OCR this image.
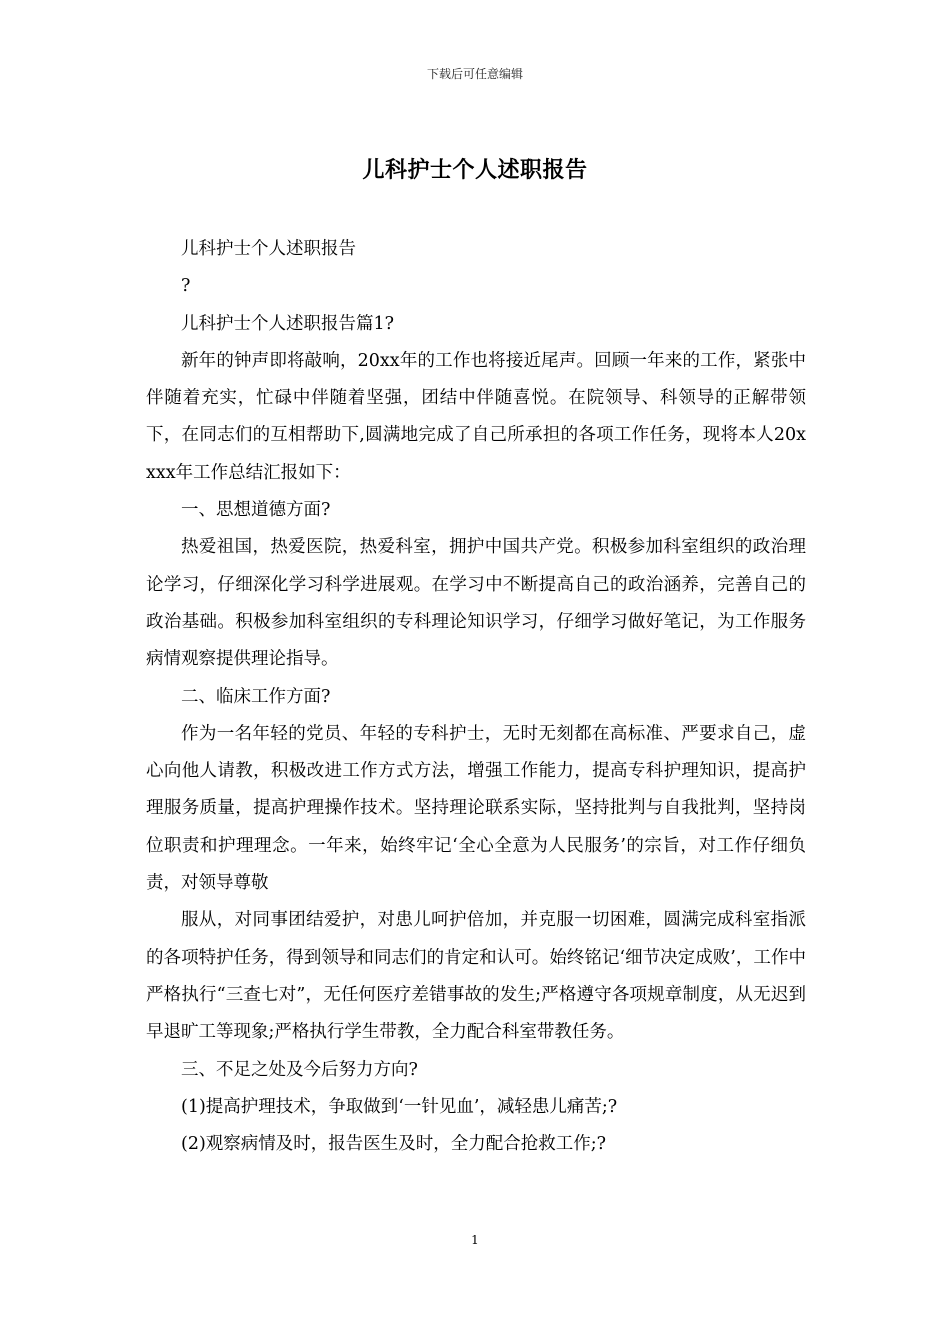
下载后可任意编辑
儿科护士个人述职报告

儿科护士个人述职报告

?

儿科护士个人述职报告篇1?

新年的钟声即将敲响，20xx年的工作也将接近尾声。回顾一年来的工作，紧张中伴随着充实，忙碌中伴随着坚强，团结中伴随喜悦。在院领导、科领导的正解带领下，在同志们的互相帮助下,圆满地完成了自己所承担的各项工作任务，现将本人20xxxx年工作总结汇报如下：

一、思想道德方面?

热爱祖国，热爱医院，热爱科室，拥护中国共产党。积极参加科室组织的政治理论学习，仔细深化学习科学进展观。在学习中不断提高自己的政治涵养，完善自己的政治基础。积极参加科室组织的专科理论知识学习，仔细学习做好笔记，为工作服务病情观察提供理论指导。

二、临床工作方面?

作为一名年轻的党员、年轻的专科护士，无时无刻都在高标准、严要求自己，虚心向他人请教，积极改进工作方式方法，增强工作能力，提高专科护理知识，提高护理服务质量，提高护理操作技术。坚持理论联系实际，坚持批判与自我批判，坚持岗位职责和护理理念。一年来，始终牢记‘全心全意为人民服务’的宗旨，对工作仔细负责，对领导尊敬

服从，对同事团结爱护，对患儿呵护倍加，并克服一切困难，圆满完成科室指派的各项特护任务，得到领导和同志们的肯定和认可。始终铭记‘细节决定成败’，工作中严格执行“三查七对”，无任何医疗差错事故的发生;严格遵守各项规章制度，从无迟到早退旷工等现象;严格执行学生带教，全力配合科室带教任务。

三、不足之处及今后努力方向?

(1)提高护理技术，争取做到‘一针见血’，减轻患儿痛苦;?

(2)观察病情及时，报告医生及时，全力配合抢救工作;?

1
